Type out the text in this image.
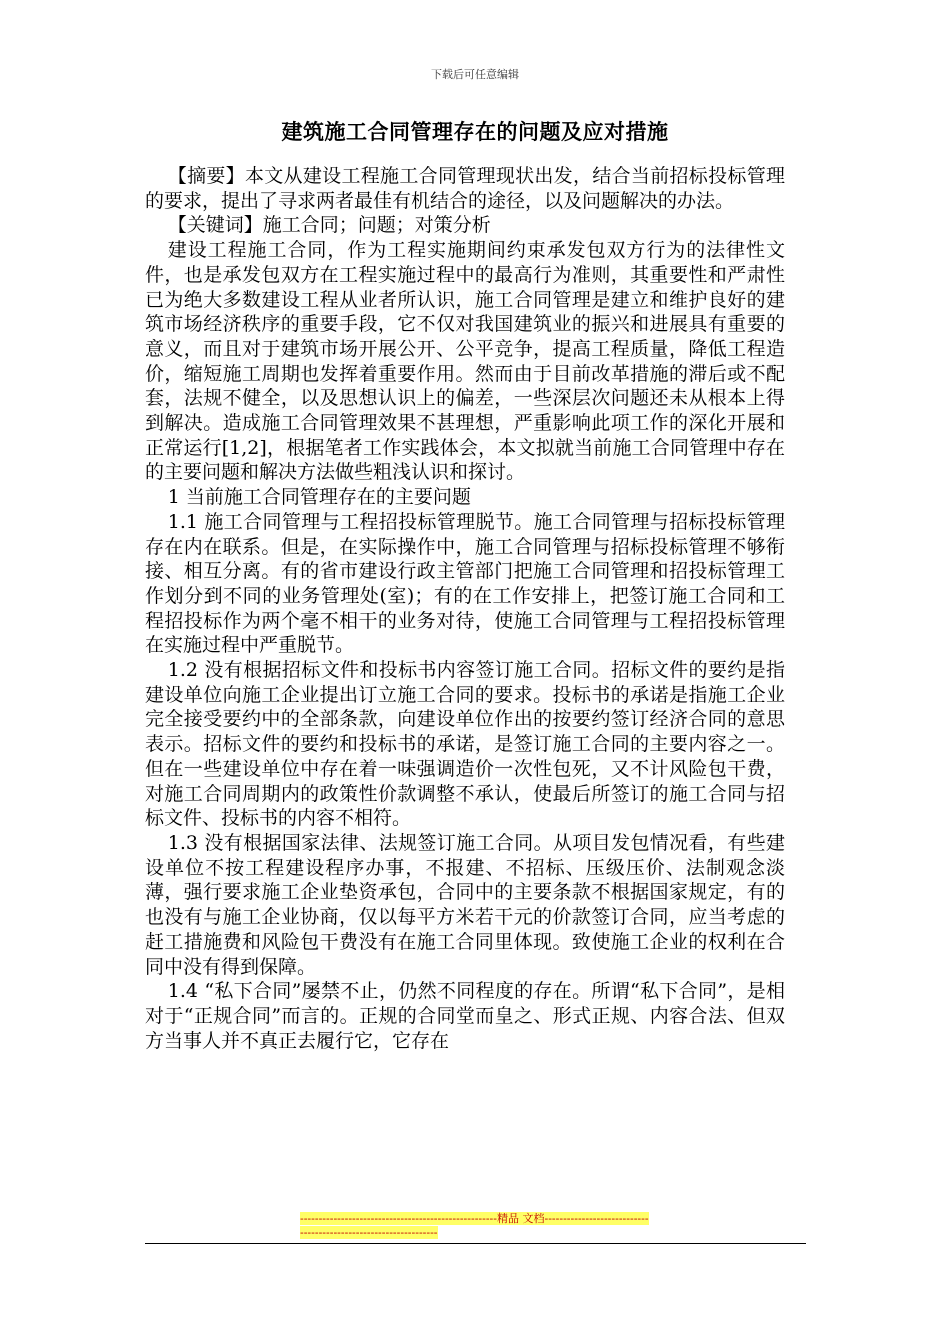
下载后可任意编辑
建筑施工合同管理存在的问题及应对措施

【摘要】本文从建设工程施工合同管理现状出发，结合当前招标投标管理的要求，提出了寻求两者最佳有机结合的途径，以及问题解决的办法。

【关键词】施工合同；问题；对策分析

建设工程施工合同，作为工程实施期间约束承发包双方行为的法律性文件，也是承发包双方在工程实施过程中的最高行为准则，其重要性和严肃性已为绝大多数建设工程从业者所认识，施工合同管理是建立和维护良好的建筑市场经济秩序的重要手段，它不仅对我国建筑业的振兴和进展具有重要的意义，而且对于建筑市场开展公开、公平竞争，提高工程质量，降低工程造价，缩短施工周期也发挥着重要作用。然而由于目前改革措施的滞后或不配套，法规不健全，以及思想认识上的偏差，一些深层次问题还未从根本上得到解决。造成施工合同管理效果不甚理想，严重影响此项工作的深化开展和正常运行[1,2]，根据笔者工作实践体会，本文拟就当前施工合同管理中存在的主要问题和解决方法做些粗浅认识和探讨。

1 当前施工合同管理存在的主要问题

1.1 施工合同管理与工程招投标管理脱节。施工合同管理与招标投标管理存在内在联系。但是，在实际操作中，施工合同管理与招标投标管理不够衔接、相互分离。有的省市建设行政主管部门把施工合同管理和招投标管理工作划分到不同的业务管理处(室)；有的在工作安排上，把签订施工合同和工程招投标作为两个毫不相干的业务对待，使施工合同管理与工程招投标管理在实施过程中严重脱节。

1.2 没有根据招标文件和投标书内容签订施工合同。招标文件的要约是指建设单位向施工企业提出订立施工合同的要求。投标书的承诺是指施工企业完全接受要约中的全部条款，向建设单位作出的按要约签订经济合同的意思表示。招标文件的要约和投标书的承诺，是签订施工合同的主要内容之一。但在一些建设单位中存在着一味强调造价一次性包死，又不计风险包干费，对施工合同周期内的政策性价款调整不承认，使最后所签订的施工合同与招标文件、投标书的内容不相符。

1.3 没有根据国家法律、法规签订施工合同。从项目发包情况看，有些建设单位不按工程建设程序办事，不报建、不招标、压级压价、法制观念淡薄，强行要求施工企业垫资承包，合同中的主要条款不根据国家规定，有的也没有与施工企业协商，仅以每平方米若干元的价款签订合同，应当考虑的赶工措施费和风险包干费没有在施工合同里体现。致使施工企业的权利在合同中没有得到保障。

1.4 “私下合同”屡禁不止，仍然不同程度的存在。所谓“私下合同”，是相对于“正规合同”而言的。正规的合同堂而皇之、形式正规、内容合法、但双方当事人并不真正去履行它，它存在

-----------------------------------------------------精品 文档-----------------------------------------------------------------
